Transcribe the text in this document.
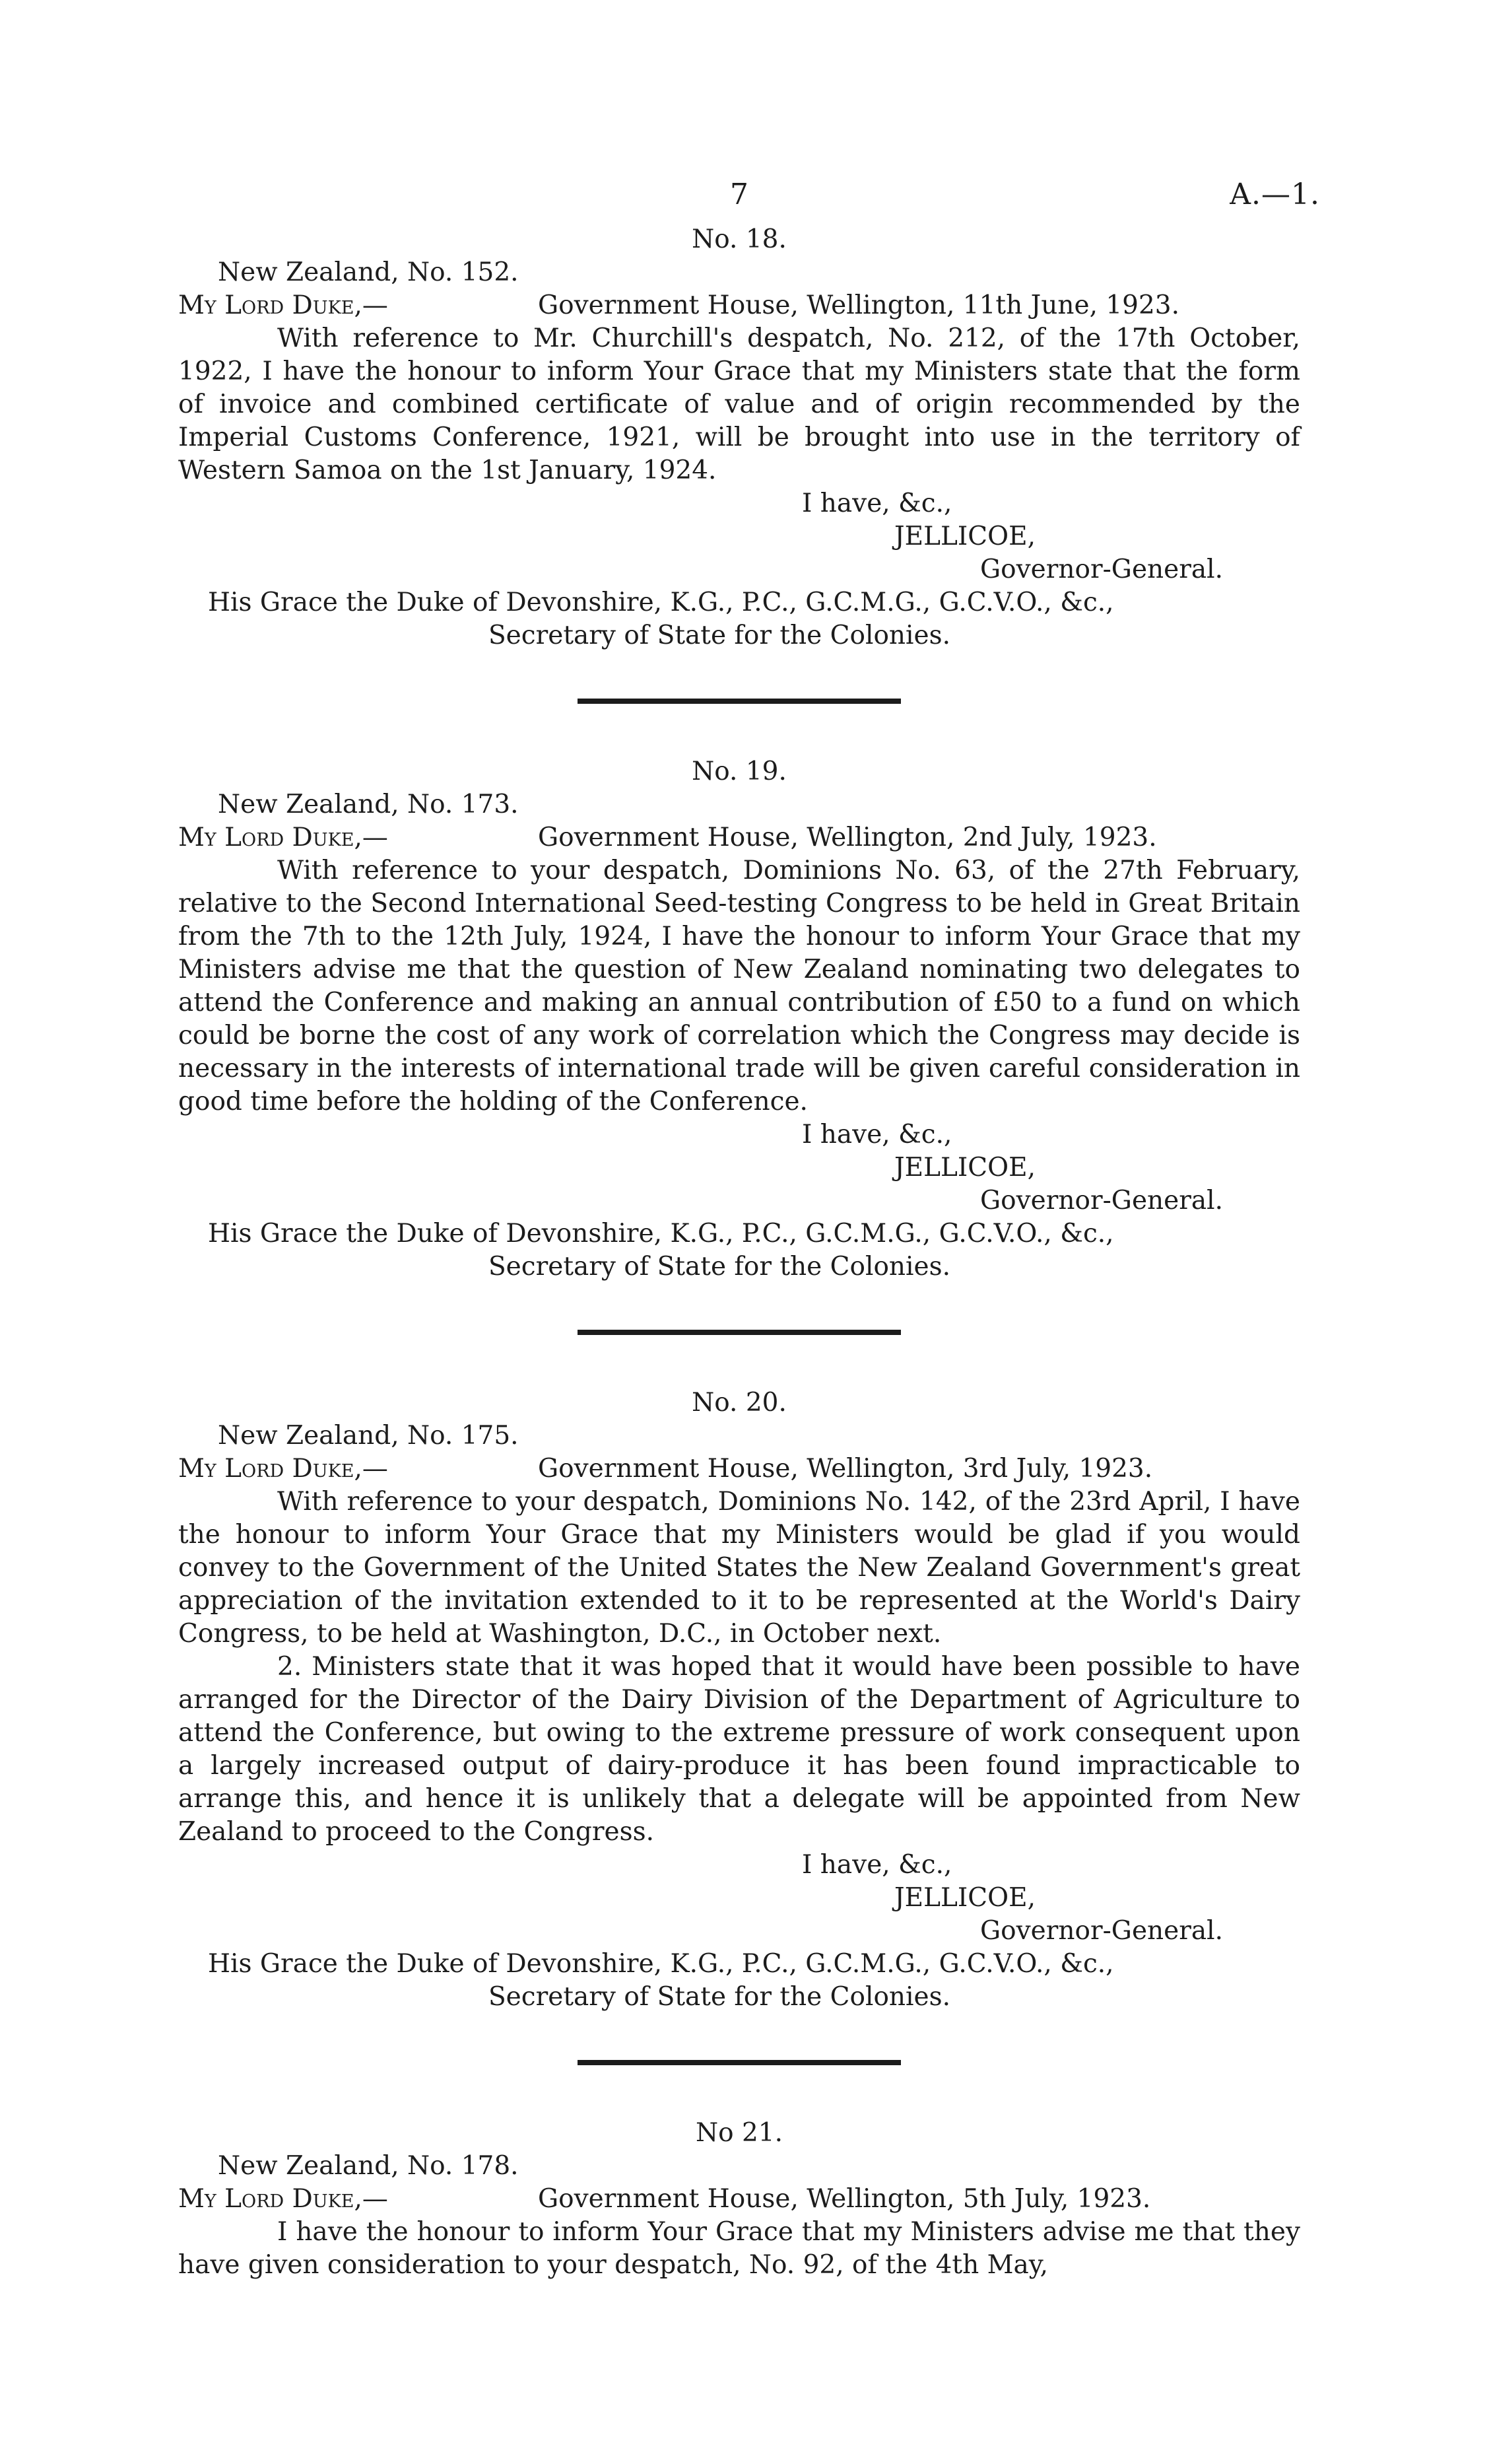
7	A.—1.
No. 18.
New Zealand, No. 152.
My Lord Duke,—	Government House, Wellington, 11th June, 1923.

With reference to Mr. Churchill's despatch, No. 212, of the 17th October, 1922, I have the honour to inform Your Grace that my Ministers state that the form of invoice and combined certificate of value and of origin recommended by the Imperial Customs Conference, 1921, will be brought into use in the territory of Western Samoa on the 1st January, 1924.

I have, &c.,
JELLICOE,
Governor-General.
His Grace the Duke of Devonshire, K.G., P.C., G.C.M.G., G.C.V.O., &c.,
Secretary of State for the Colonies.
No. 19.
New Zealand, No. 173.
My Lord Duke,—	Government House, Wellington, 2nd July, 1923.

With reference to your despatch, Dominions No. 63, of the 27th February, relative to the Second International Seed-testing Congress to be held in Great Britain from the 7th to the 12th July, 1924, I have the honour to inform Your Grace that my Ministers advise me that the question of New Zealand nominating two delegates to attend the Conference and making an annual contribution of £50 to a fund on which could be borne the cost of any work of correlation which the Congress may decide is necessary in the interests of international trade will be given careful consideration in good time before the holding of the Conference.

I have, &c.,
JELLICOE,
Governor-General.
His Grace the Duke of Devonshire, K.G., P.C., G.C.M.G., G.C.V.O., &c.,
Secretary of State for the Colonies.
No. 20.
New Zealand, No. 175.
My Lord Duke,—	Government House, Wellington, 3rd July, 1923.

With reference to your despatch, Dominions No. 142, of the 23rd April, I have the honour to inform Your Grace that my Ministers would be glad if you would convey to the Government of the United States the New Zealand Government's great appreciation of the invitation extended to it to be represented at the World's Dairy Congress, to be held at Washington, D.C., in October next.

2. Ministers state that it was hoped that it would have been possible to have arranged for the Director of the Dairy Division of the Department of Agriculture to attend the Conference, but owing to the extreme pressure of work consequent upon a largely increased output of dairy-produce it has been found impracticable to arrange this, and hence it is unlikely that a delegate will be appointed from New Zealand to proceed to the Congress.

I have, &c.,
JELLICOE,
Governor-General.
His Grace the Duke of Devonshire, K.G., P.C., G.C.M.G., G.C.V.O., &c.,
Secretary of State for the Colonies.
No 21.
New Zealand, No. 178.
My Lord Duke,—	Government House, Wellington, 5th July, 1923.

I have the honour to inform Your Grace that my Ministers advise me that they have given consideration to your despatch, No. 92, of the 4th May,
